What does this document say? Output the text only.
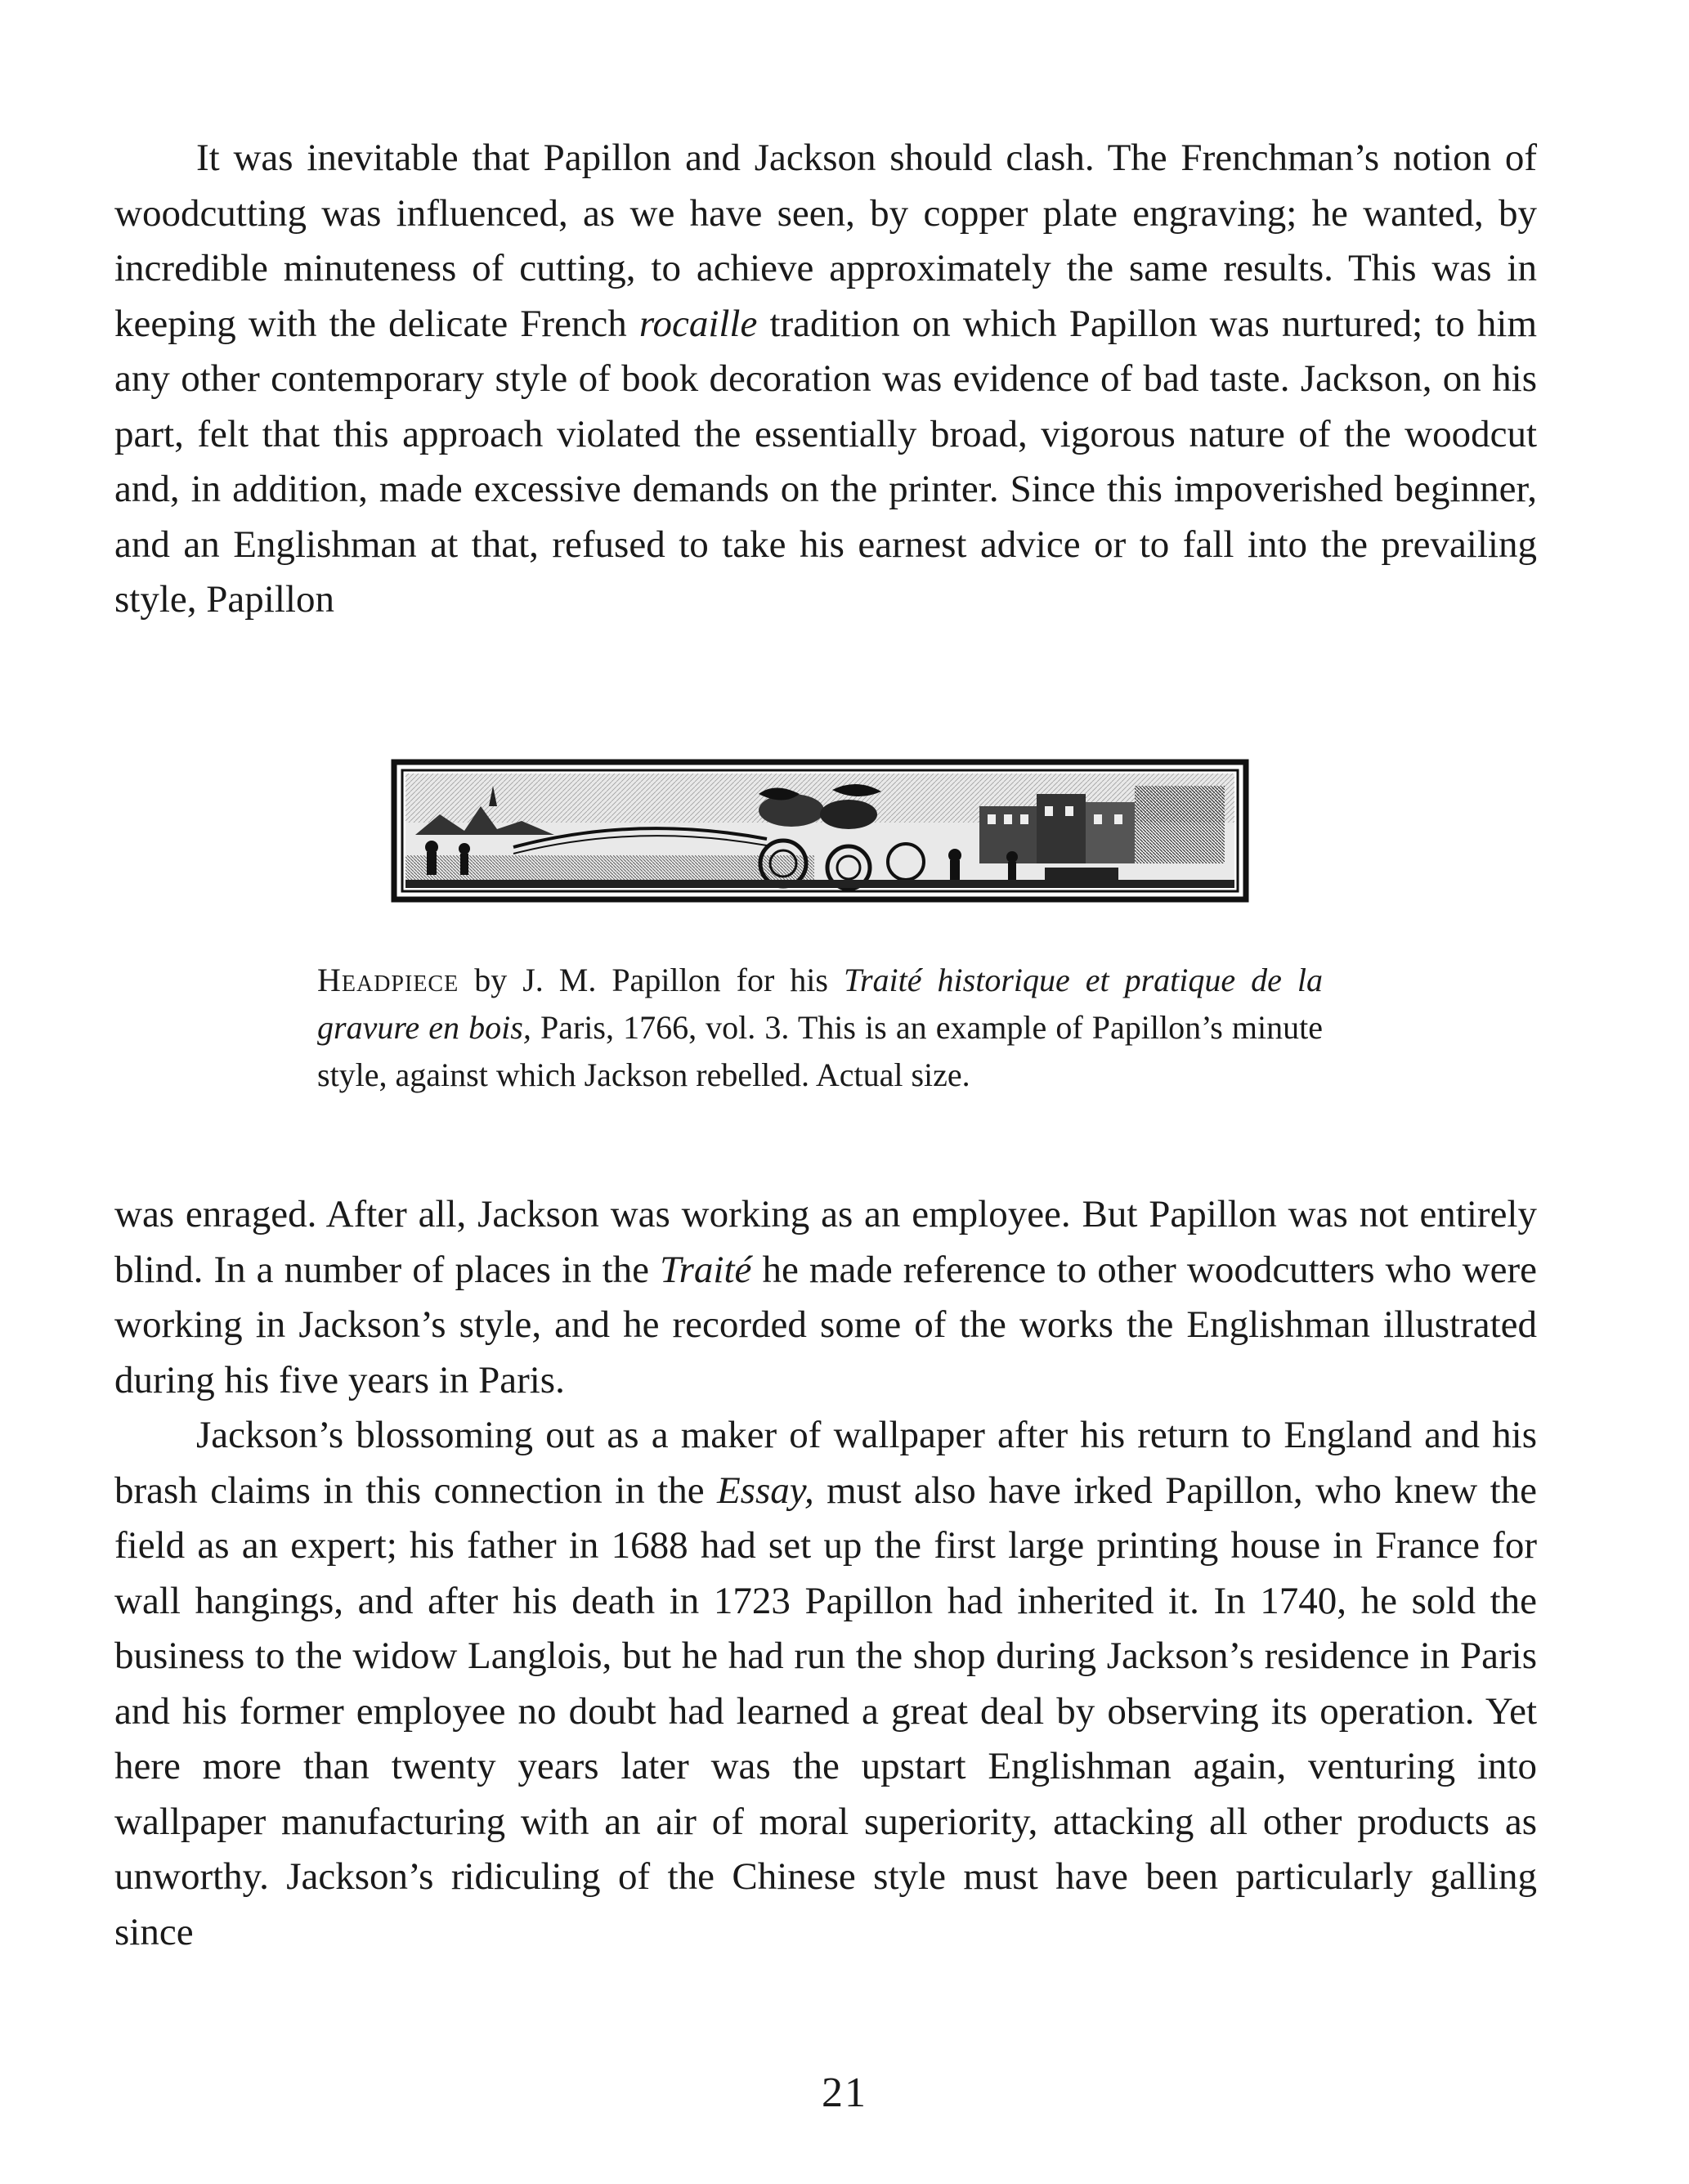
It was inevitable that Papillon and Jackson should clash. The Frenchman’s notion of woodcutting was influenced, as we have seen, by copper plate engraving; he wanted, by incredible minuteness of cutting, to achieve approximately the same results. This was in keeping with the delicate French rocaille tradition on which Papillon was nurtured; to him any other contemporary style of book decoration was evidence of bad taste. Jackson, on his part, felt that this approach violated the essentially broad, vigorous nature of the woodcut and, in addition, made excessive demands on the printer. Since this impoverished beginner, and an Englishman at that, refused to take his earnest advice or to fall into the prevailing style, Papillon

Headpiece by J. M. Papillon for his Traité historique et pratique de la gravure en bois, Paris, 1766, vol. 3. This is an example of Papillon’s minute style, against which Jackson rebelled. Actual size.

was enraged. After all, Jackson was working as an employee. But Papillon was not entirely blind. In a number of places in the Traité he made reference to other woodcutters who were working in Jackson’s style, and he recorded some of the works the Englishman illustrated during his five years in Paris.

Jackson’s blossoming out as a maker of wallpaper after his return to England and his brash claims in this connection in the Essay, must also have irked Papillon, who knew the field as an expert; his father in 1688 had set up the first large printing house in France for wall hangings, and after his death in 1723 Papillon had inherited it. In 1740, he sold the business to the widow Langlois, but he had run the shop during Jackson’s residence in Paris and his former employee no doubt had learned a great deal by observing its operation. Yet here more than twenty years later was the upstart Englishman again, venturing into wallpaper manufacturing with an air of moral superiority, attacking all other products as unworthy. Jackson’s ridiculing of the Chinese style must have been particularly galling since

21
